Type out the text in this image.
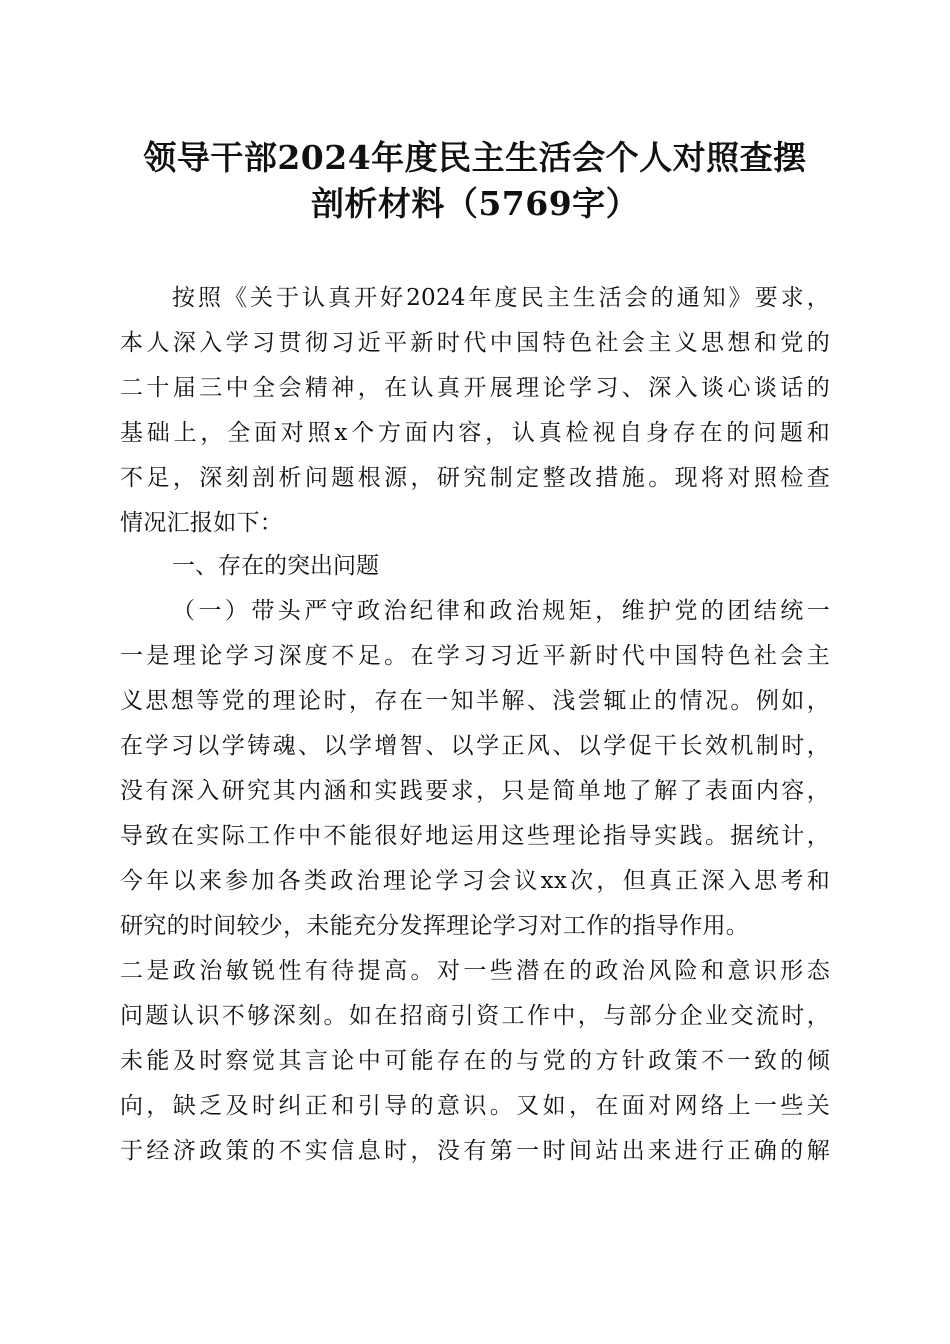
领导干部2024年度民主生活会个人对照查摆
剖析材料（5769字）
按照《关于认真开好2024年度民主生活会的通知》要求，
本人深入学习贯彻习近平新时代中国特色社会主义思想和党的
二十届三中全会精神，在认真开展理论学习、深入谈心谈话的
基础上，全面对照x个方面内容，认真检视自身存在的问题和
不足，深刻剖析问题根源，研究制定整改措施。现将对照检查
情况汇报如下：
一、存在的突出问题
（一）带头严守政治纪律和政治规矩，维护党的团结统一
一是理论学习深度不足。在学习习近平新时代中国特色社会主
义思想等党的理论时，存在一知半解、浅尝辄止的情况。例如，
在学习以学铸魂、以学增智、以学正风、以学促干长效机制时，
没有深入研究其内涵和实践要求，只是简单地了解了表面内容，
导致在实际工作中不能很好地运用这些理论指导实践。据统计，
今年以来参加各类政治理论学习会议xx次，但真正深入思考和
研究的时间较少，未能充分发挥理论学习对工作的指导作用。
二是政治敏锐性有待提高。对一些潜在的政治风险和意识形态
问题认识不够深刻。如在招商引资工作中，与部分企业交流时，
未能及时察觉其言论中可能存在的与党的方针政策不一致的倾
向，缺乏及时纠正和引导的意识。又如，在面对网络上一些关
于经济政策的不实信息时，没有第一时间站出来进行正确的解
